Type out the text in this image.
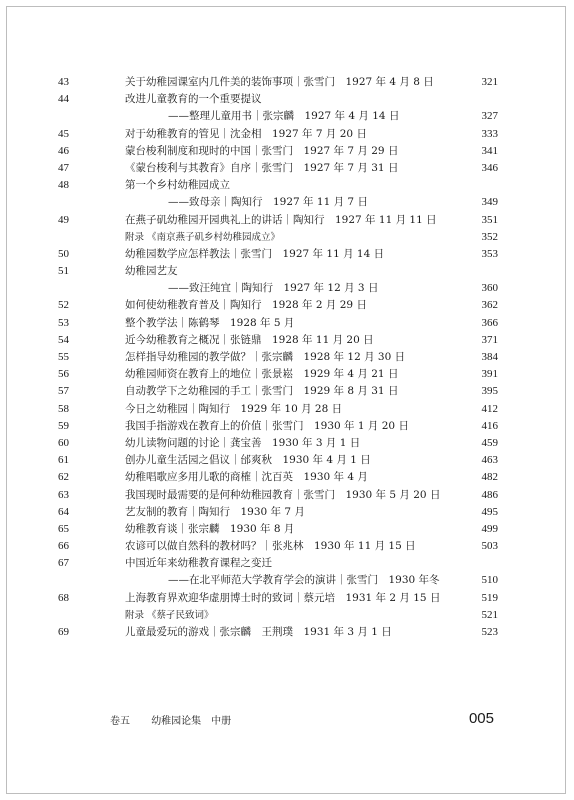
43	关于幼稚园课室内几件美的装饰事项｜张雪门　1927 年 4 月 8 日	321
44	改进儿童教育的一个重要提议
——整理儿童用书｜张宗麟　1927 年 4 月 14 日	327
45	对于幼稚教育的管见｜沈金相　1927 年 7 月 20 日	333
46	蒙台梭利制度和现时的中国｜张雪门　1927 年 7 月 29 日	341
47	《蒙台梭利与其教育》自序｜张雪门　1927 年 7 月 31 日	346
48	第一个乡村幼稚园成立
——致母亲｜陶知行　1927 年 11 月 7 日	349
49	在燕子矶幼稚园开园典礼上的讲话｜陶知行　1927 年 11 月 11 日	351
附录 《南京燕子矶乡村幼稚园成立》	352
50	幼稚园数学应怎样教法｜张雪门　1927 年 11 月 14 日	353
51	幼稚园艺友
——致汪纯宜｜陶知行　1927 年 12 月 3 日	360
52	如何使幼稚教育普及｜陶知行　1928 年 2 月 29 日	362
53	整个教学法｜陈鹤琴　1928 年 5 月	366
54	近今幼稚教育之概况｜张链鼎　1928 年 11 月 20 日	371
55	怎样指导幼稚园的教学做？｜张宗麟　1928 年 12 月 30 日	384
56	幼稚园师资在教育上的地位｜张景崧　1929 年 4 月 21 日	391
57	自动教学下之幼稚园的手工｜张雪门　1929 年 8 月 31 日	395
58	今日之幼稚园｜陶知行　1929 年 10 月 28 日	412
59	我国手指游戏在教育上的价值｜张雪门　1930 年 1 月 20 日	416
60	幼儿读物问题的讨论｜龚宝善　1930 年 3 月 1 日	459
61	创办儿童生活园之倡议｜邰爽秋　1930 年 4 月 1 日	463
62	幼稚唱歌应多用儿歌的商榷｜沈百英　1930 年 4 月	482
63	我国现时最需要的是何种幼稚园教育｜张雪门　1930 年 5 月 20 日	486
64	艺友制的教育｜陶知行　1930 年 7 月	495
65	幼稚教育谈｜张宗麟　1930 年 8 月	499
66	农谚可以做自然科的教材吗？｜张兆林　1930 年 11 月 15 日	503
67	中国近年来幼稚教育课程之变迁
——在北平师范大学教育学会的演讲｜张雪门　1930 年冬	510
68	上海教育界欢迎华虚朋博士时的致词｜蔡元培　1931 年 2 月 15 日	519
附录 《蔡孑民致词》	521
69	儿童最爱玩的游戏｜张宗麟　王荆璞　1931 年 3 月 1 日	523
卷五 幼稚园论集　中册	005
